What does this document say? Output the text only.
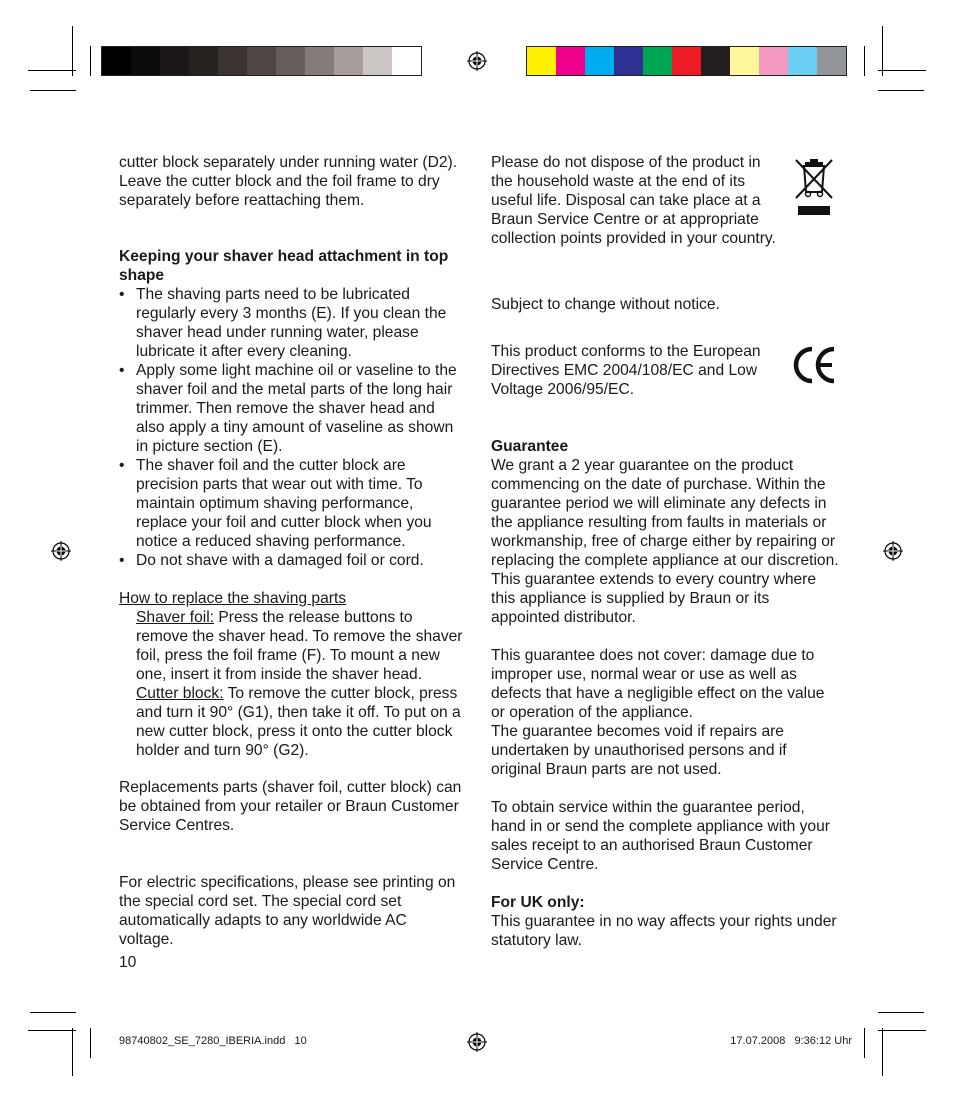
cutter block separately under running water (D2). Leave the cutter block and the foil frame to dry separately before reattaching them.

Keeping your shaver head attachment in top shape

• The shaving parts need to be lubricated regularly every 3 months (E). If you clean the shaver head under running water, please lubricate it after every cleaning.

• Apply some light machine oil or vaseline to the shaver foil and the metal parts of the long hair trimmer. Then remove the shaver head and also apply a tiny amount of vaseline as shown in picture section (E).

• The shaver foil and the cutter block are precision parts that wear out with time. To maintain optimum shaving performance, replace your foil and cutter block when you notice a reduced shaving performance.

• Do not shave with a damaged foil or cord.

How to replace the shaving parts

Shaver foil: Press the release buttons to remove the shaver head. To remove the shaver foil, press the foil frame (F). To mount a new one, insert it from inside the shaver head.

Cutter block: To remove the cutter block, press and turn it 90° (G1), then take it off. To put on a new cutter block, press it onto the cutter block holder and turn 90° (G2).

Replacements parts (shaver foil, cutter block) can be obtained from your retailer or Braun Customer Service Centres.

For electric specifications, please see printing on the special cord set. The special cord set automatically adapts to any worldwide AC voltage.

10

Please do not dispose of the product in the household waste at the end of its useful life. Disposal can take place at a Braun Service Centre or at appropriate collection points provided in your country.

Subject to change without notice.

This product conforms to the European Directives EMC 2004/108/EC and Low Voltage 2006/95/EC.

Guarantee

We grant a 2 year guarantee on the product commencing on the date of purchase. Within the guarantee period we will eliminate any defects in the appliance resulting from faults in materials or workmanship, free of charge either by repairing or replacing the complete appliance at our discretion.

This guarantee extends to every country where this appliance is supplied by Braun or its appointed distributor.

This guarantee does not cover: damage due to improper use, normal wear or use as well as defects that have a negligible effect on the value or operation of the appliance.

The guarantee becomes void if repairs are undertaken by unauthorised persons and if original Braun parts are not used.

To obtain service within the guarantee period, hand in or send the complete appliance with your sales receipt to an authorised Braun Customer Service Centre.

For UK only:

This guarantee in no way affects your rights under statutory law.

98740802_SE_7280_IBERIA.indd   10	17.07.2008   9:36:12 Uhr
